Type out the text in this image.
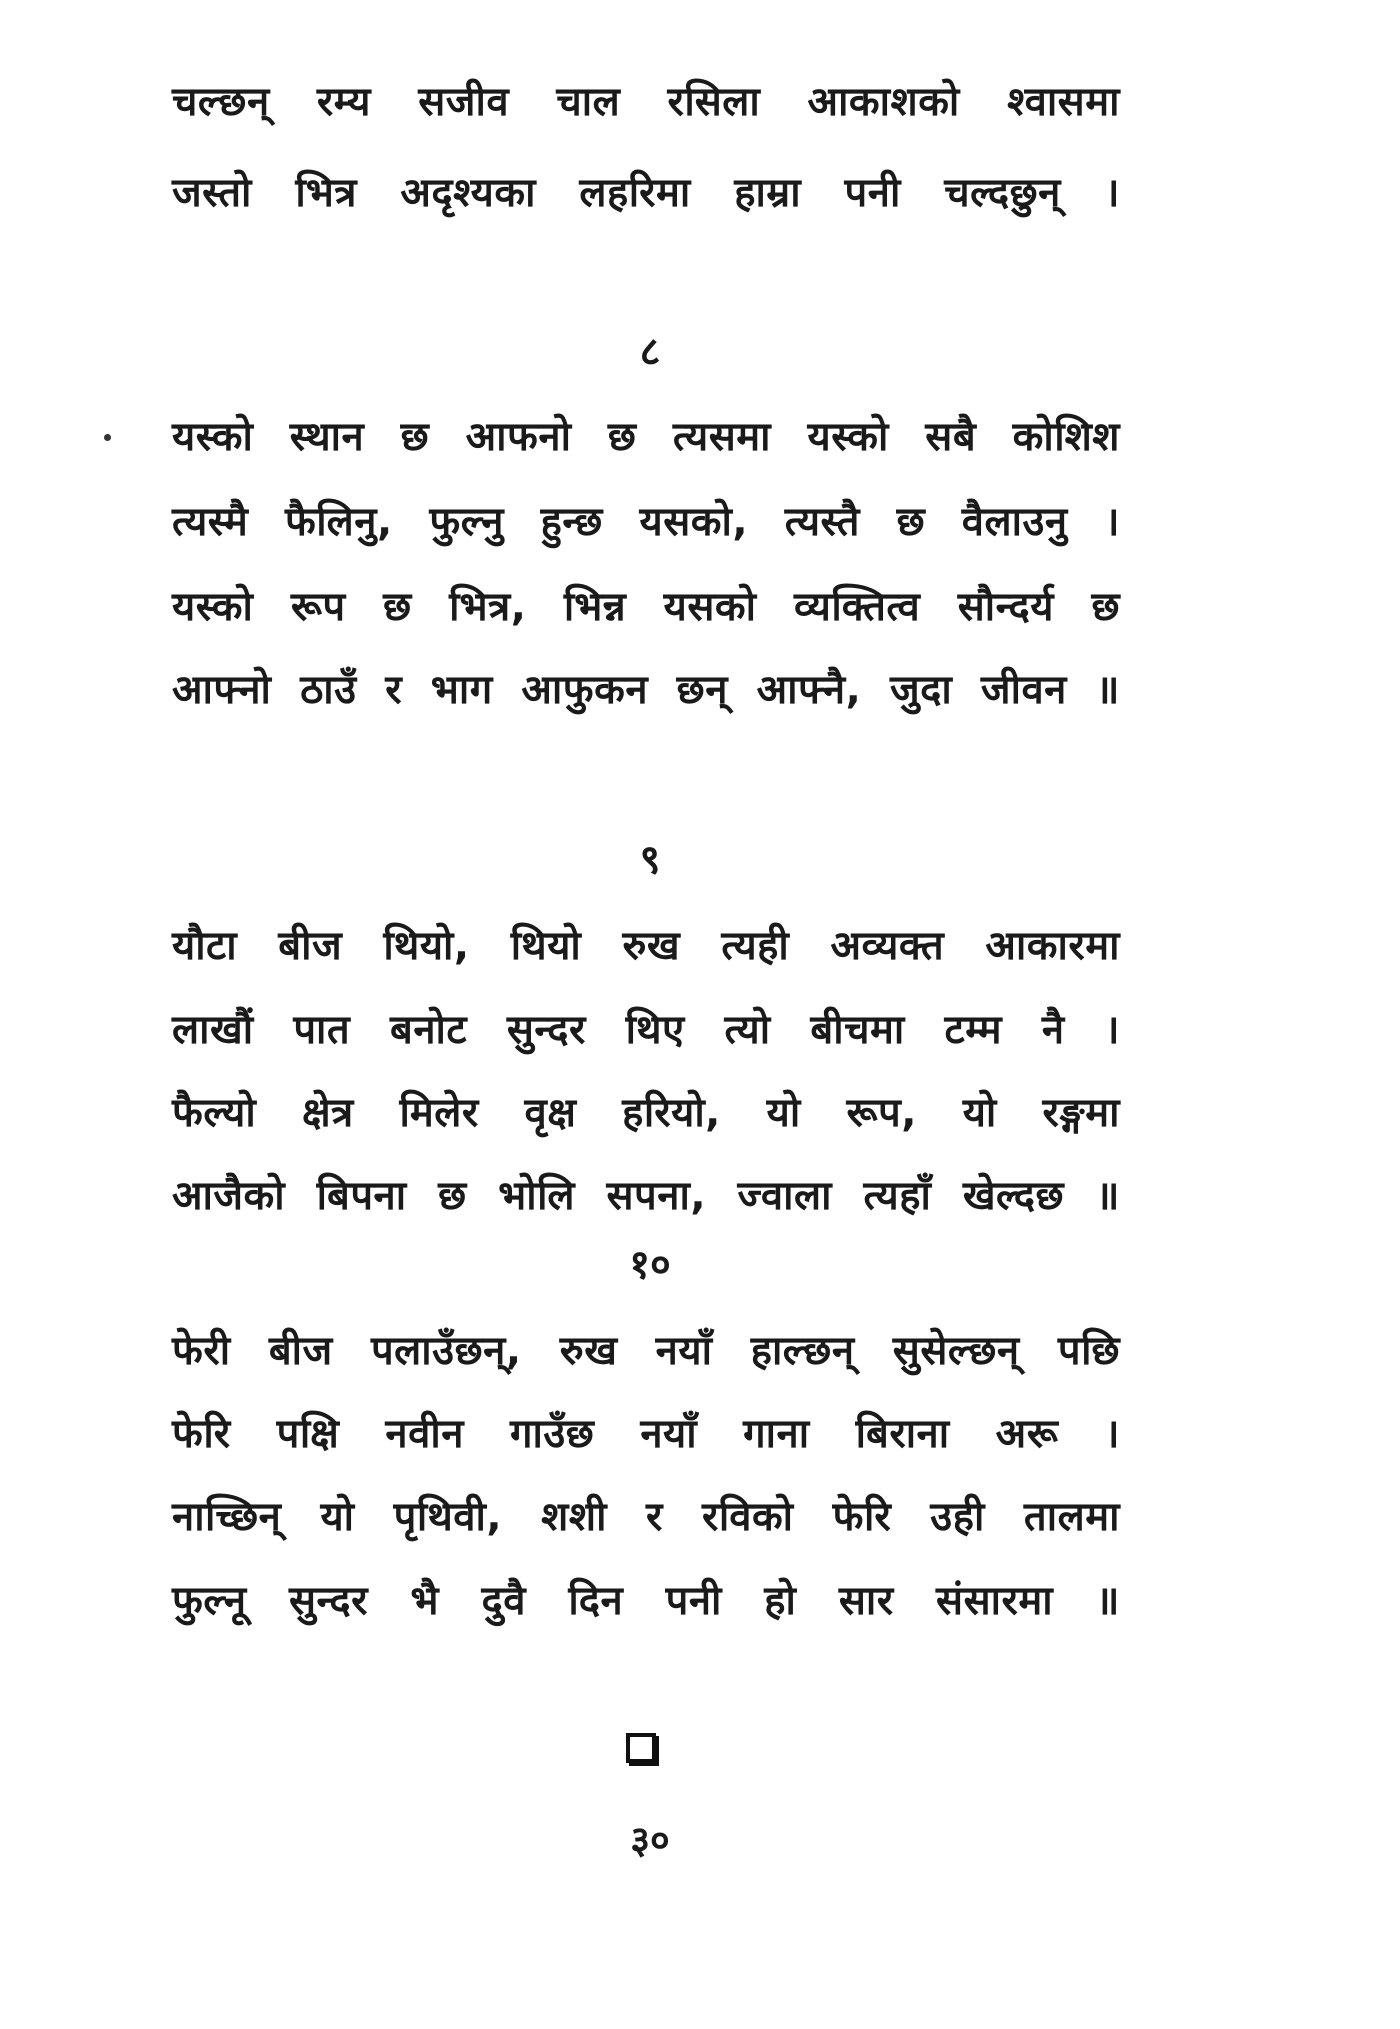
चल्छन् रम्य सजीव चाल रसिला आकाशको श्वासमा
जस्तो भित्र अदृश्यका लहरिमा हाम्रा पनी चल्दछुन् ।
८
यस्को स्थान छ आफनो छ त्यसमा यस्को सबै कोशिश
त्यस्मै फैलिनु, फुल्नु हुन्छ यसको, त्यस्तै छ वैलाउनु ।
यस्को रूप छ भित्र, भिन्न यसको व्यक्तित्व सौन्दर्य छ
आफ्नो ठाउँ र भाग आफुकन छन् आफ्नै, जुदा जीवन ॥
९
यौटा बीज थियो, थियो रुख त्यही अव्यक्त आकारमा
लाखौं पात बनोट सुन्दर थिए त्यो बीचमा टम्म नै ।
फैल्यो क्षेत्र मिलेर वृक्ष हरियो, यो रूप, यो रङ्गमा
आजैको बिपना छ भोलि सपना, ज्वाला त्यहाँ खेल्दछ ॥
१०
फेरी बीज पलाउँछन्, रुख नयाँ हाल्छन् सुसेल्छन् पछि
फेरि पक्षि नवीन गाउँछ नयाँ गाना बिराना अरू ।
नाच्छिन् यो पृथिवी, शशी र रविको फेरि उही तालमा
फुल्नू सुन्दर भै दुवै दिन पनी हो सार संसारमा ॥
३०
